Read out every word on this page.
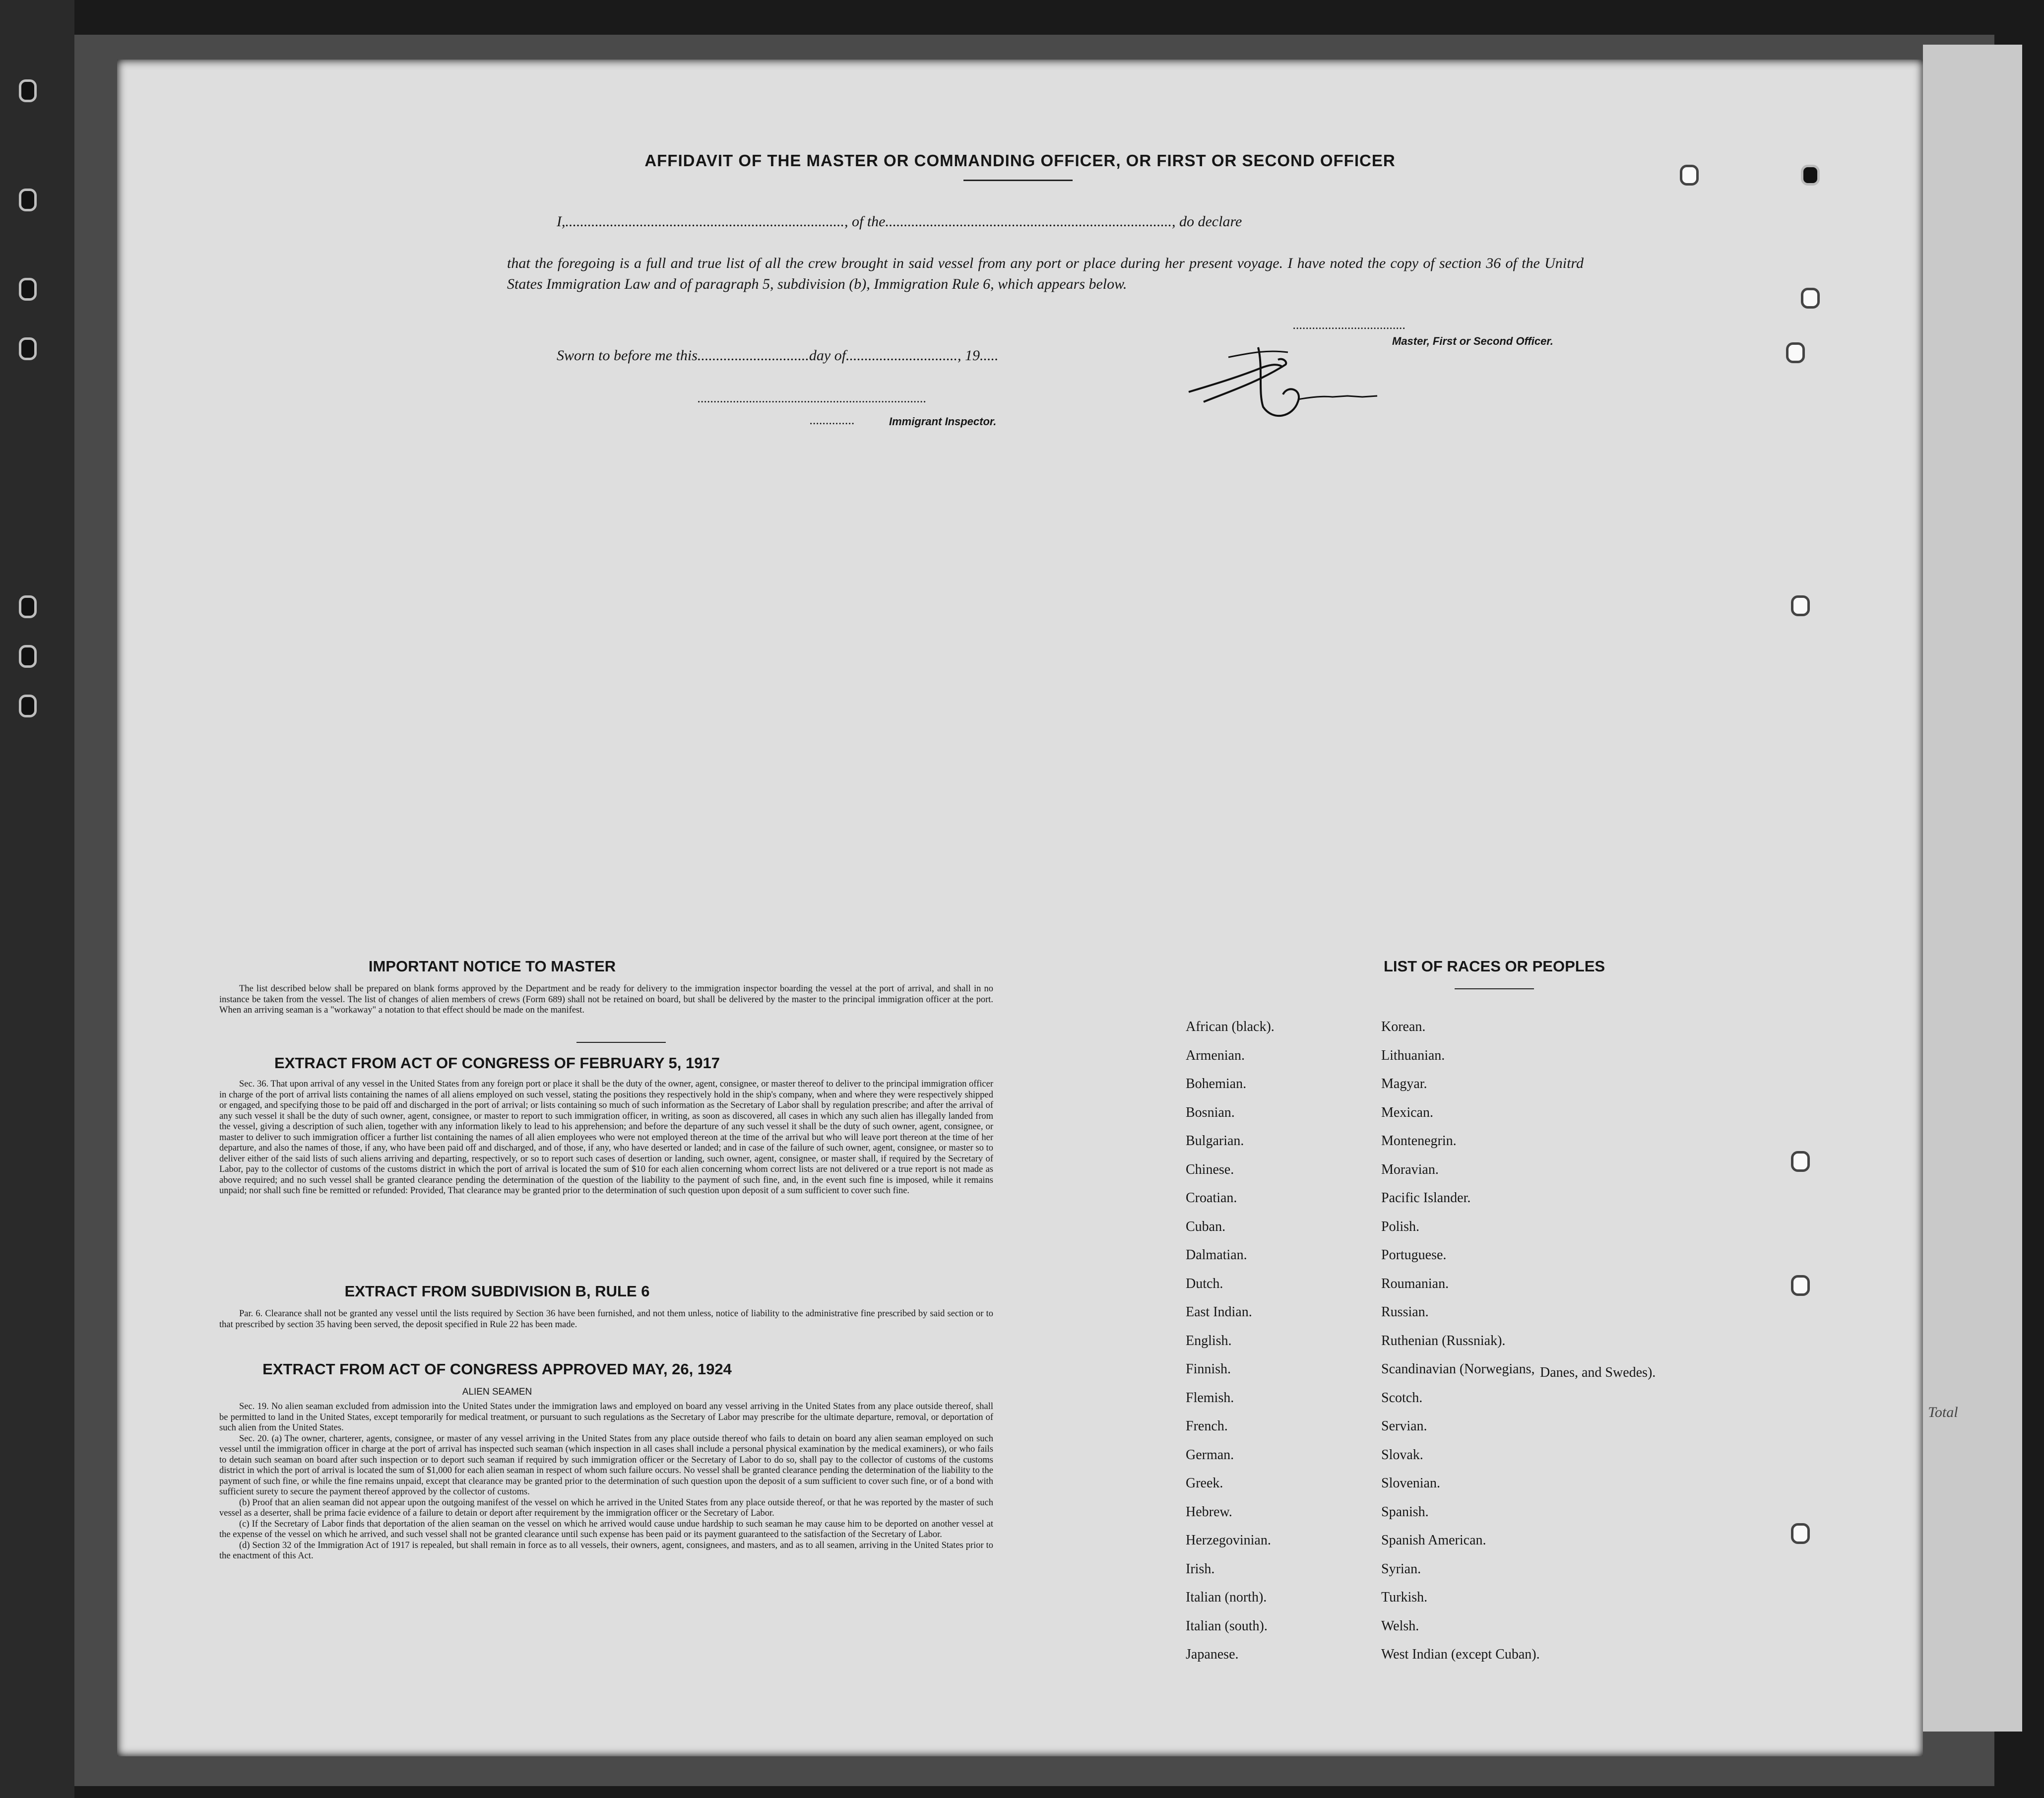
Total
AFFIDAVIT OF THE MASTER OR COMMANDING OFFICER, OR FIRST OR SECOND OFFICER
I,..........................................................................., of the............................................................................., do declare
that the foregoing is a full and true list of all the crew brought in said vessel from any port or place during her present voyage. I have noted the copy of section 36 of the Unitrd States Immigration Law and of paragraph 5, subdivision (b), Immigration Rule 6, which appears below.
...................................
Master, First or Second Officer.
Sworn to before me this..............................day of.............................., 19.....
.......................................................................
..............	Immigrant Inspector.
IMPORTANT NOTICE TO MASTER

The list described below shall be prepared on blank forms approved by the Department and be ready for delivery to the immigration inspector boarding the vessel at the port of arrival, and shall in no instance be taken from the vessel. The list of changes of alien members of crews (Form 689) shall not be retained on board, but shall be delivered by the master to the principal immigration officer at the port. When an arriving seaman is a "workaway" a notation to that effect should be made on the manifest.

EXTRACT FROM ACT OF CONGRESS OF FEBRUARY 5, 1917

Sec. 36. That upon arrival of any vessel in the United States from any foreign port or place it shall be the duty of the owner, agent, consignee, or master thereof to deliver to the principal immigration officer in charge of the port of arrival lists containing the names of all aliens employed on such vessel, stating the positions they respectively hold in the ship's company, when and where they were respectively shipped or engaged, and specifying those to be paid off and discharged in the port of arrival; or lists containing so much of such information as the Secretary of Labor shall by regulation prescribe; and after the arrival of any such vessel it shall be the duty of such owner, agent, consignee, or master to report to such immigration officer, in writing, as soon as discovered, all cases in which any such alien has illegally landed from the vessel, giving a description of such alien, together with any information likely to lead to his apprehension; and before the departure of any such vessel it shall be the duty of such owner, agent, consignee, or master to deliver to such immigration officer a further list containing the names of all alien employees who were not employed thereon at the time of the arrival but who will leave port thereon at the time of her departure, and also the names of those, if any, who have been paid off and discharged, and of those, if any, who have deserted or landed; and in case of the failure of such owner, agent, consignee, or master so to deliver either of the said lists of such aliens arriving and departing, respectively, or so to report such cases of desertion or landing, such owner, agent, consignee, or master shall, if required by the Secretary of Labor, pay to the collector of customs of the customs district in which the port of arrival is located the sum of $10 for each alien concerning whom correct lists are not delivered or a true report is not made as above required; and no such vessel shall be granted clearance pending the determination of the question of the liability to the payment of such fine, and, in the event such fine is imposed, while it remains unpaid; nor shall such fine be remitted or refunded: Provided, That clearance may be granted prior to the determination of such question upon deposit of a sum sufficient to cover such fine.

EXTRACT FROM SUBDIVISION B, RULE 6

Par. 6. Clearance shall not be granted any vessel until the lists required by Section 36 have been furnished, and not them unless, notice of liability to the administrative fine prescribed by said section or to that prescribed by section 35 having been served, the deposit specified in Rule 22 has been made.

EXTRACT FROM ACT OF CONGRESS APPROVED MAY, 26, 1924
ALIEN SEAMEN

Sec. 19. No alien seaman excluded from admission into the United States under the immigration laws and employed on board any vessel arriving in the United States from any place outside thereof, shall be permitted to land in the United States, except temporarily for medical treatment, or pursuant to such regulations as the Secretary of Labor may prescribe for the ultimate departure, removal, or deportation of such alien from the United States.

Sec. 20. (a) The owner, charterer, agents, consignee, or master of any vessel arriving in the United States from any place outside thereof who fails to detain on board any alien seaman employed on such vessel until the immigration officer in charge at the port of arrival has inspected such seaman (which inspection in all cases shall include a personal physical examination by the medical examiners), or who fails to detain such seaman on board after such inspection or to deport such seaman if required by such immigration officer or the Secretary of Labor to do so, shall pay to the collector of customs of the customs district in which the port of arrival is located the sum of $1,000 for each alien seaman in respect of whom such failure occurs. No vessel shall be granted clearance pending the determination of the liability to the payment of such fine, or while the fine remains unpaid, except that clearance may be granted prior to the determination of such question upon the deposit of a sum sufficient to cover such fine, or of a bond with sufficient surety to secure the payment thereof approved by the collector of customs.

(b) Proof that an alien seaman did not appear upon the outgoing manifest of the vessel on which he arrived in the United States from any place outside thereof, or that he was reported by the master of such vessel as a deserter, shall be prima facie evidence of a failure to detain or deport after requirement by the immigration officer or the Secretary of Labor.

(c) If the Secretary of Labor finds that deportation of the alien seaman on the vessel on which he arrived would cause undue hardship to such seaman he may cause him to be deported on another vessel at the expense of the vessel on which he arrived, and such vessel shall not be granted clearance until such expense has been paid or its payment guaranteed to the satisfaction of the Secretary of Labor.

(d) Section 32 of the Immigration Act of 1917 is repealed, but shall remain in force as to all vessels, their owners, agent, consignees, and masters, and as to all seamen, arriving in the United States prior to the enactment of this Act.

LIST OF RACES OR PEOPLES
African (black).
Armenian.
Bohemian.
Bosnian.
Bulgarian.
Chinese.
Croatian.
Cuban.
Dalmatian.
Dutch.
East Indian.
English.
Finnish.
Flemish.
French.
German.
Greek.
Hebrew.
Herzegovinian.
Irish.
Italian (north).
Italian (south).
Japanese.
Korean.
Lithuanian.
Magyar.
Mexican.
Montenegrin.
Moravian.
Pacific Islander.
Polish.
Portuguese.
Roumanian.
Russian.
Ruthenian (Russniak).
Scandinavian (Norwegians,
Scotch.
Servian.
Slovak.
Slovenian.
Spanish.
Spanish American.
Syrian.
Turkish.
Welsh.
West Indian (except Cuban).
Danes, and Swedes).
